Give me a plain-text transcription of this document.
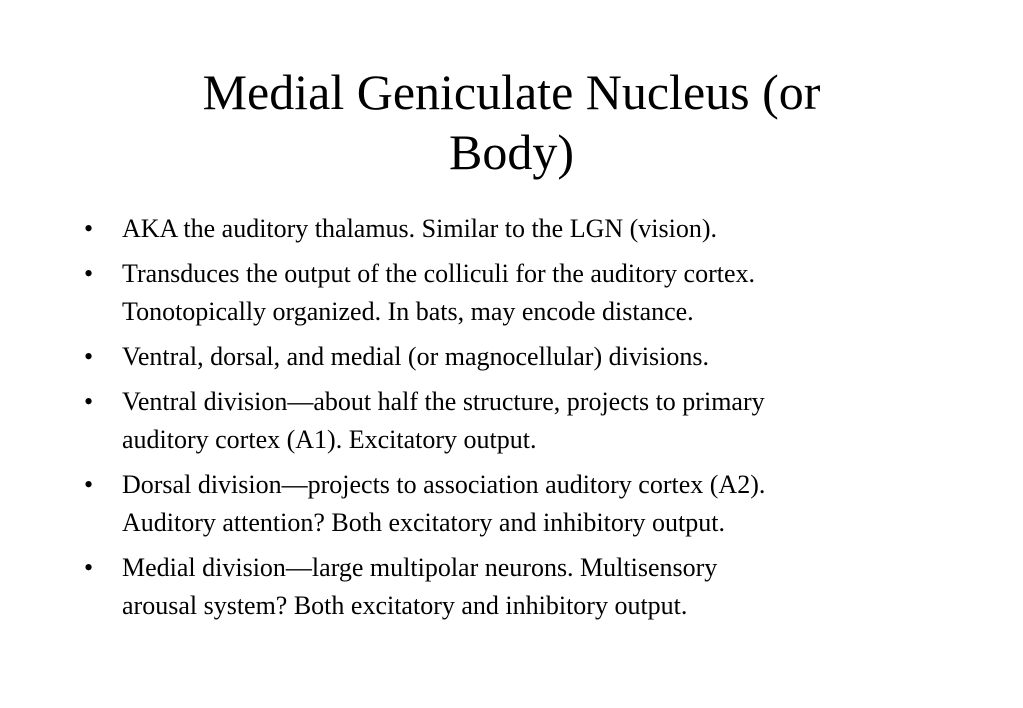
Medial Geniculate Nucleus (or
Body)
• AKA the auditory thalamus. Similar to the LGN (vision).
• Transduces the output of the colliculi for the auditory cortex.
Tonotopically organized. In bats, may encode distance.
• Ventral, dorsal, and medial (or magnocellular) divisions.
• Ventral division—about half the structure, projects to primary
auditory cortex (A1). Excitatory output.
• Dorsal division—projects to association auditory cortex (A2).
Auditory attention? Both excitatory and inhibitory output.
• Medial division—large multipolar neurons. Multisensory
arousal system? Both excitatory and inhibitory output.
